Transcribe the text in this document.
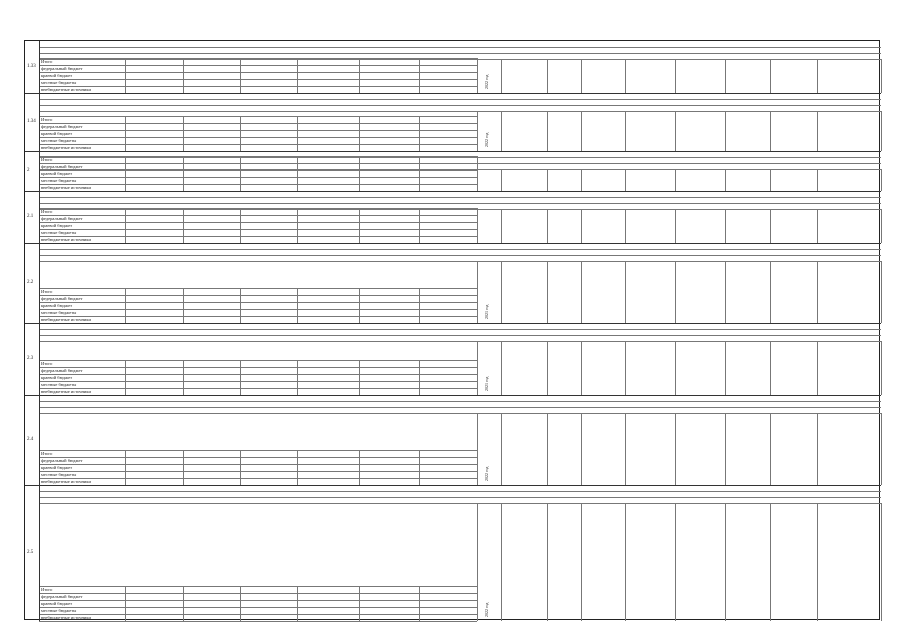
Итого
федеральный бюджет
краевой бюджет
местные бюджеты
внебюджетные источники
1.33
2022 год
Итого
федеральный бюджет
краевой бюджет
местные бюджеты
внебюджетные источники
1.34
2022 год
Итого
федеральный бюджет
краевой бюджет
местные бюджеты
внебюджетные источники
2
Итого
федеральный бюджет
краевой бюджет
местные бюджеты
внебюджетные источники
2.1
Итого
федеральный бюджет
краевой бюджет
местные бюджеты
внебюджетные источники
2.2
2021 год
Итого
федеральный бюджет
краевой бюджет
местные бюджеты
внебюджетные источники
2.3
2021 год
Итого
федеральный бюджет
краевой бюджет
местные бюджеты
внебюджетные источники
2.4
2022 год
Итого
федеральный бюджет
краевой бюджет
местные бюджеты
внебюджетные источники
2.5
2022 год
